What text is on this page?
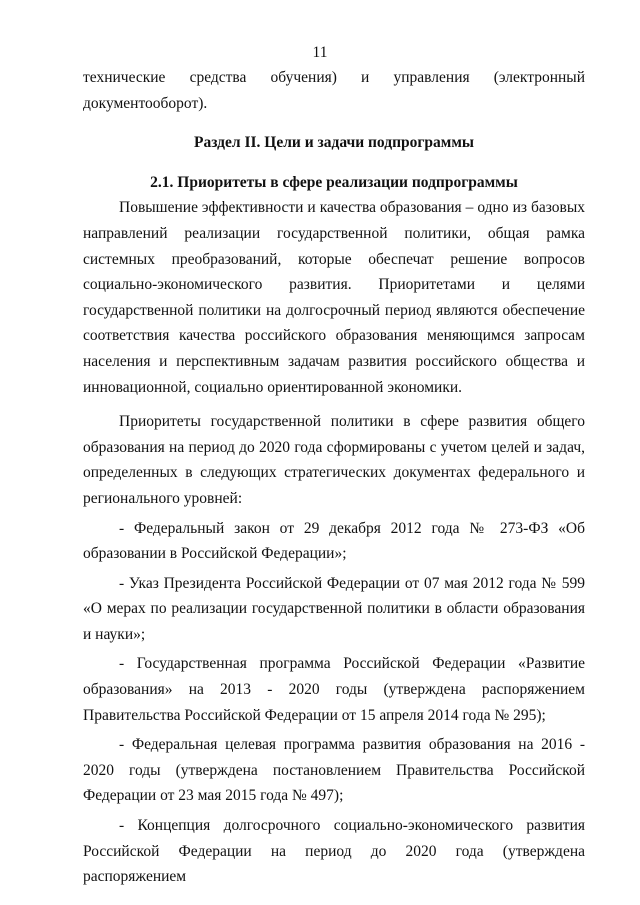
11

технические средства обучения) и управления (электронный документооборот).

Раздел II. Цели и задачи подпрограммы
2.1. Приоритеты в сфере реализации подпрограммы

Повышение эффективности и качества образования – одно из базовых направлений реализации государственной политики, общая рамка системных преобразований, которые обеспечат решение вопросов социально-экономического развития. Приоритетами и целями государственной политики на долгосрочный период являются обеспечение соответствия качества российского образования меняющимся запросам населения и перспективным задачам развития российского общества и инновационной, социально ориентированной экономики.

Приоритеты государственной политики в сфере развития общего образования на период до 2020 года сформированы с учетом целей и задач, определенных в следующих стратегических документах федерального и регионального уровней:

- Федеральный закон от 29 декабря 2012 года № 273-ФЗ «Об образовании в Российской Федерации»;

- Указ Президента Российской Федерации от 07 мая 2012 года № 599 «О мерах по реализации государственной политики в области образования и науки»;

- Государственная программа Российской Федерации «Развитие образования» на 2013 - 2020 годы (утверждена распоряжением Правительства Российской Федерации от 15 апреля 2014 года № 295);

- Федеральная целевая программа развития образования на 2016 - 2020 годы (утверждена постановлением Правительства Российской Федерации от 23 мая 2015 года № 497);

- Концепция долгосрочного социально-экономического развития Российской Федерации на период до 2020 года (утверждена распоряжением
